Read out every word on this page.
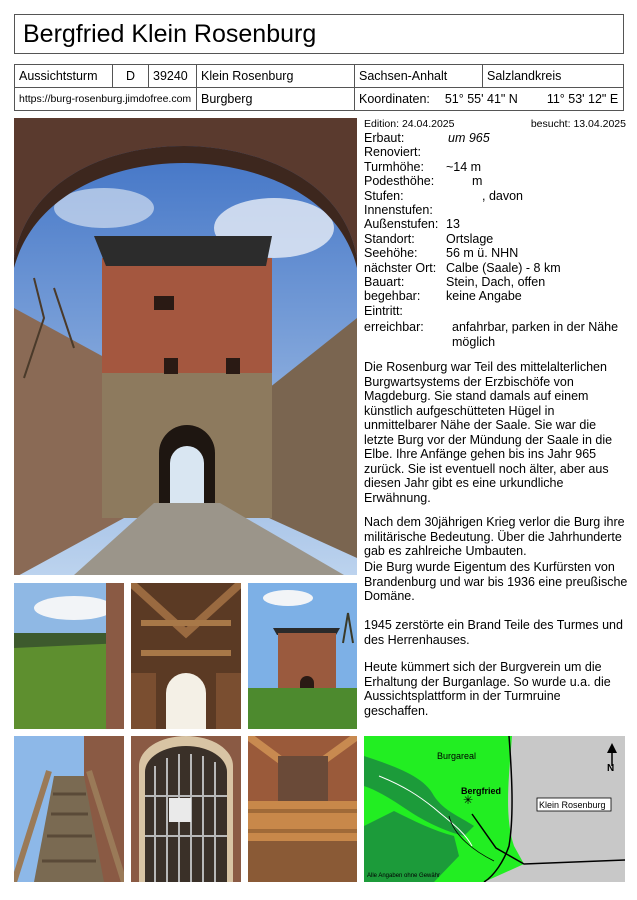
Bergfried Klein Rosenburg
Aussichtsturm	D	39240	Klein Rosenburg	Sachsen-Anhalt	Salzlandkreis
https://burg-rosenburg.jimdofree.com			Burgberg	Koordinaten: 51° 55' 41" N 11° 53' 12" E	
Edition: 24.04.2025	besucht: 13.04.2025
Erbaut:	um 965
Renoviert:
Turmhöhe:	~14 m
Podesthöhe:	m
Stufen:	, davon
Innenstufen:
Außenstufen: 13
Standort:	Ortslage
Seehöhe:	56 m ü. NHN
nächster Ort: Calbe (Saale) - 8 km
Bauart:	Stein, Dach, offen
begehbar:	keine Angabe
Eintritt:
erreichbar:	anfahrbar, parken in der Nähe möglich
Die Rosenburg war Teil des mittelalterlichen Burgwartsystems der Erzbischöfe von Magdeburg. Sie stand damals auf einem künstlich aufgeschütteten Hügel in unmittelbarer Nähe der Saale. Sie war die letzte Burg vor der Mündung der Saale in die Elbe. Ihre Anfänge gehen bis ins Jahr 965 zurück. Sie ist eventuell noch älter, aber aus diesen Jahr gibt es eine urkundliche Erwähnung.
Nach dem 30jährigen Krieg verlor die Burg ihre militärische Bedeutung. Über die Jahrhunderte gab es zahlreiche Umbauten.
Die Burg wurde Eigentum des Kurfürsten von Brandenburg und war bis 1936 eine preußische Domäne.
1945 zerstörte ein Brand Teile des Turmes und des Herrenhauses.
Heute kümmert sich der Burgverein um die Erhaltung der Burganlage. So wurde u.a. die Aussichtsplattform in der Turmruine geschaffen.
Burgareal
Bergfried
✳	Klein Rosenburg
N
Alle Angaben ohne Gewähr
